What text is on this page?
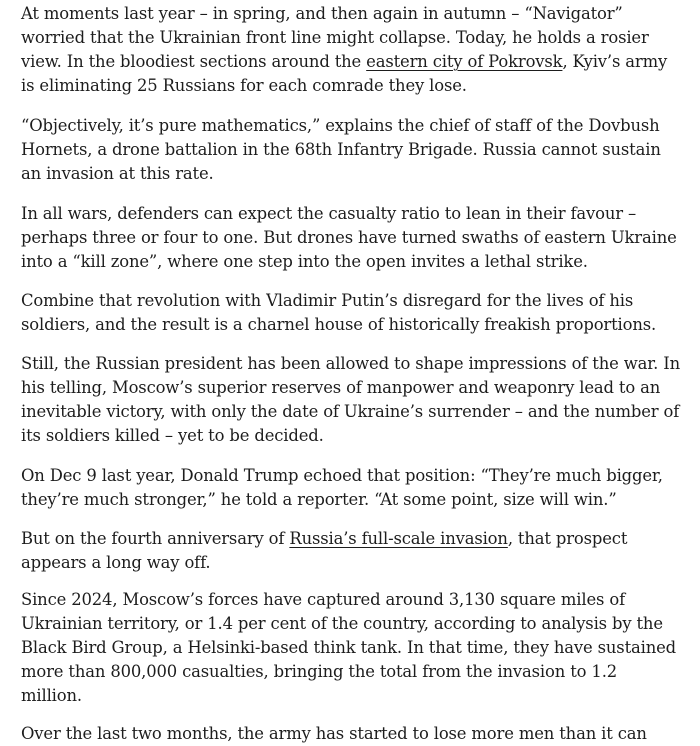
At moments last year – in spring, and then again in autumn – “Navigator” worried that the Ukrainian front line might collapse. Today, he holds a rosier view. In the bloodiest sections around the eastern city of Pokrovsk, Kyiv’s army is eliminating 25 Russians for each comrade they lose.

“Objectively, it’s pure mathematics,” explains the chief of staff of the Dovbush Hornets, a drone battalion in the 68th Infantry Brigade. Russia cannot sustain an invasion at this rate.

In all wars, defenders can expect the casualty ratio to lean in their favour – perhaps three or four to one. But drones have turned swaths of eastern Ukraine into a “kill zone”, where one step into the open invites a lethal strike.

Combine that revolution with Vladimir Putin’s disregard for the lives of his soldiers, and the result is a charnel house of historically freakish proportions.

Still, the Russian president has been allowed to shape impressions of the war. In his telling, Moscow’s superior reserves of manpower and weaponry lead to an inevitable victory, with only the date of Ukraine’s surrender – and the number of its soldiers killed – yet to be decided.

On Dec 9 last year, Donald Trump echoed that position: “They’re much bigger, they’re much stronger,” he told a reporter. “At some point, size will win.”

But on the fourth anniversary of Russia’s full-scale invasion, that prospect appears a long way off.

Since 2024, Moscow’s forces have captured around 3,130 square miles of Ukrainian territory, or 1.4 per cent of the country, according to analysis by the Black Bird Group, a Helsinki-based think tank. In that time, they have sustained more than 800,000 casualties, bringing the total from the invasion to 1.2 million.

Over the last two months, the army has started to lose more men than it can
